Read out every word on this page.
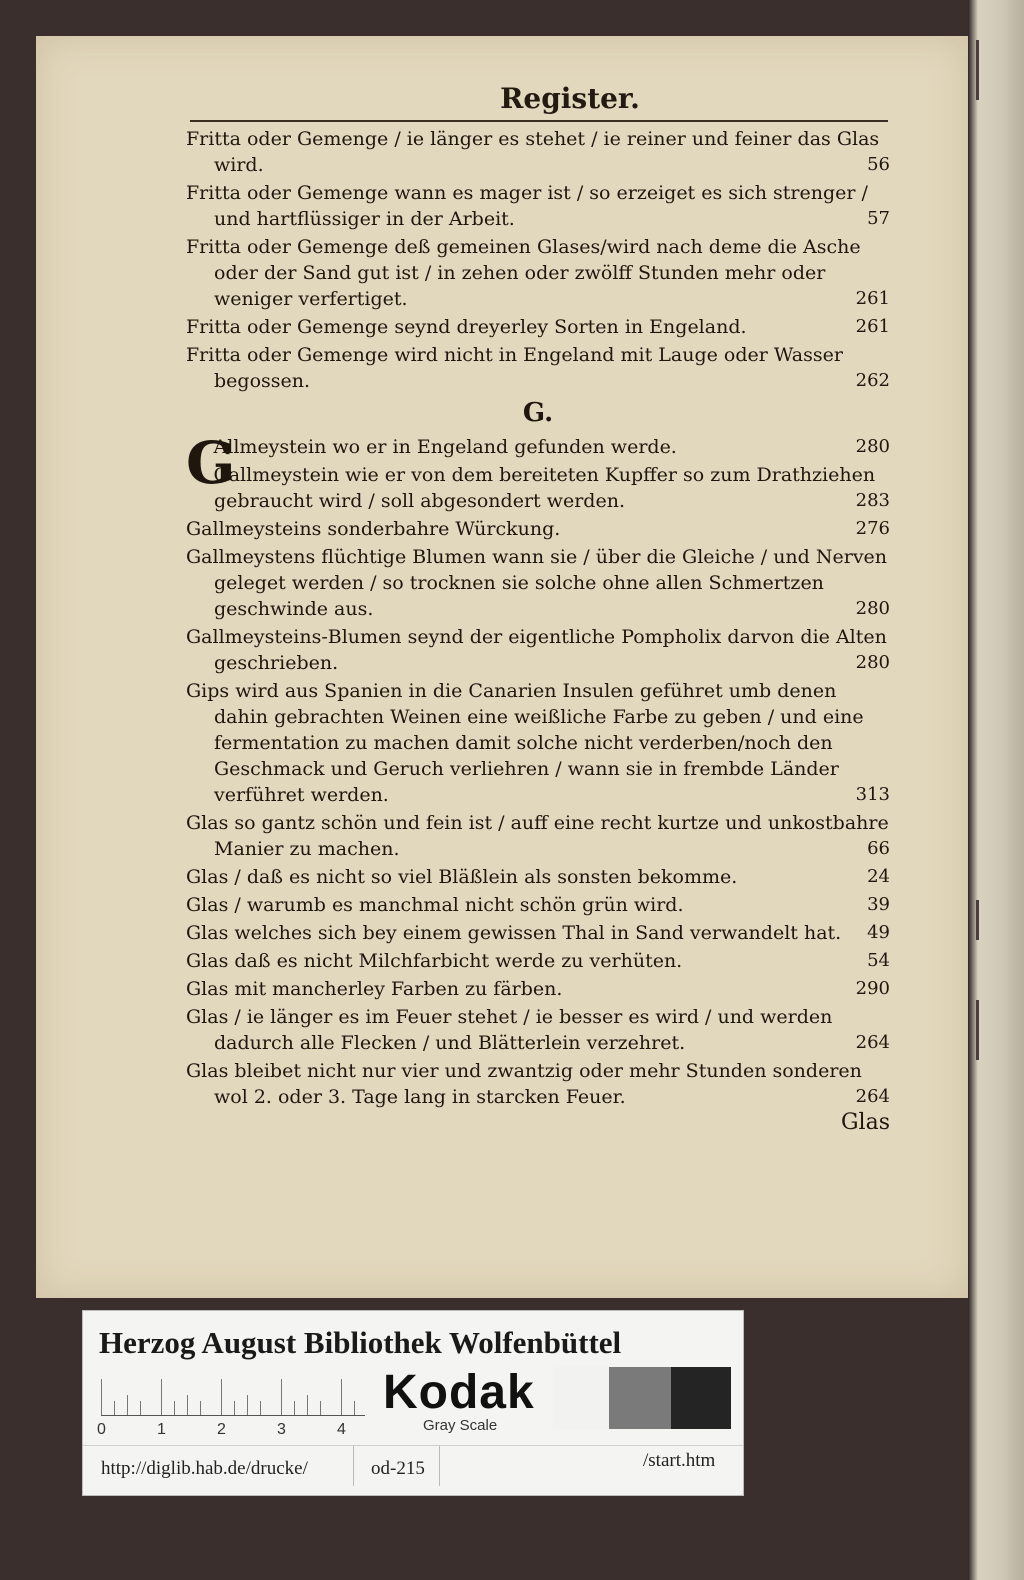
Register.
Fritta oder Gemenge / ie länger es stehet / ie reiner und feiner das Glas wird.	56
Fritta oder Gemenge wann es mager ist / so erzeiget es sich strenger / und hartflüssiger in der Arbeit.	57
Fritta oder Gemenge deß gemeinen Glases/wird nach deme die Asche oder der Sand gut ist / in zehen oder zwölff Stunden mehr oder weniger verfertiget.	261
Fritta oder Gemenge seynd dreyerley Sorten in Engeland.	261
Fritta oder Gemenge wird nicht in Engeland mit Lauge oder Wasser begossen.	262
G.
G
Allmeystein wo er in Engeland gefunden werde.	280
Gallmeystein wie er von dem bereiteten Kupffer so zum Drathziehen gebraucht wird / soll abgesondert werden.	283
Gallmeysteins sonderbahre Würckung.	276
Gallmeystens flüchtige Blumen wann sie / über die Gleiche / und Nerven geleget werden / so trocknen sie solche ohne allen Schmertzen geschwinde aus.	280
Gallmeysteins-Blumen seynd der eigentliche Pompholix darvon die Alten geschrieben.	280
Gips wird aus Spanien in die Canarien Insulen geführet umb denen dahin gebrachten Weinen eine weißliche Farbe zu geben / und eine fermentation zu machen damit solche nicht verderben/noch den Geschmack und Geruch verliehren / wann sie in frembde Länder verführet werden.	313
Glas so gantz schön und fein ist / auff eine recht kurtze und unkostbahre Manier zu machen.	66
Glas / daß es nicht so viel Bläßlein als sonsten bekomme.	24
Glas / warumb es manchmal nicht schön grün wird.	39
Glas welches sich bey einem gewissen Thal in Sand verwandelt hat.	49
Glas daß es nicht Milchfarbicht werde zu verhüten.	54
Glas mit mancherley Farben zu färben.	290
Glas / ie länger es im Feuer stehet / ie besser es wird / und werden dadurch alle Flecken / und Blätterlein verzehret.	264
Glas bleibet nicht nur vier und zwantzig oder mehr Stunden sonderen wol 2. oder 3. Tage lang in starcken Feuer.	264
Glas
Herzog August Bibliothek Wolfenbüttel
0	1	2	3	4
Kodak
Gray Scale
http://diglib.hab.de/drucke/	od-215	/start.htm
